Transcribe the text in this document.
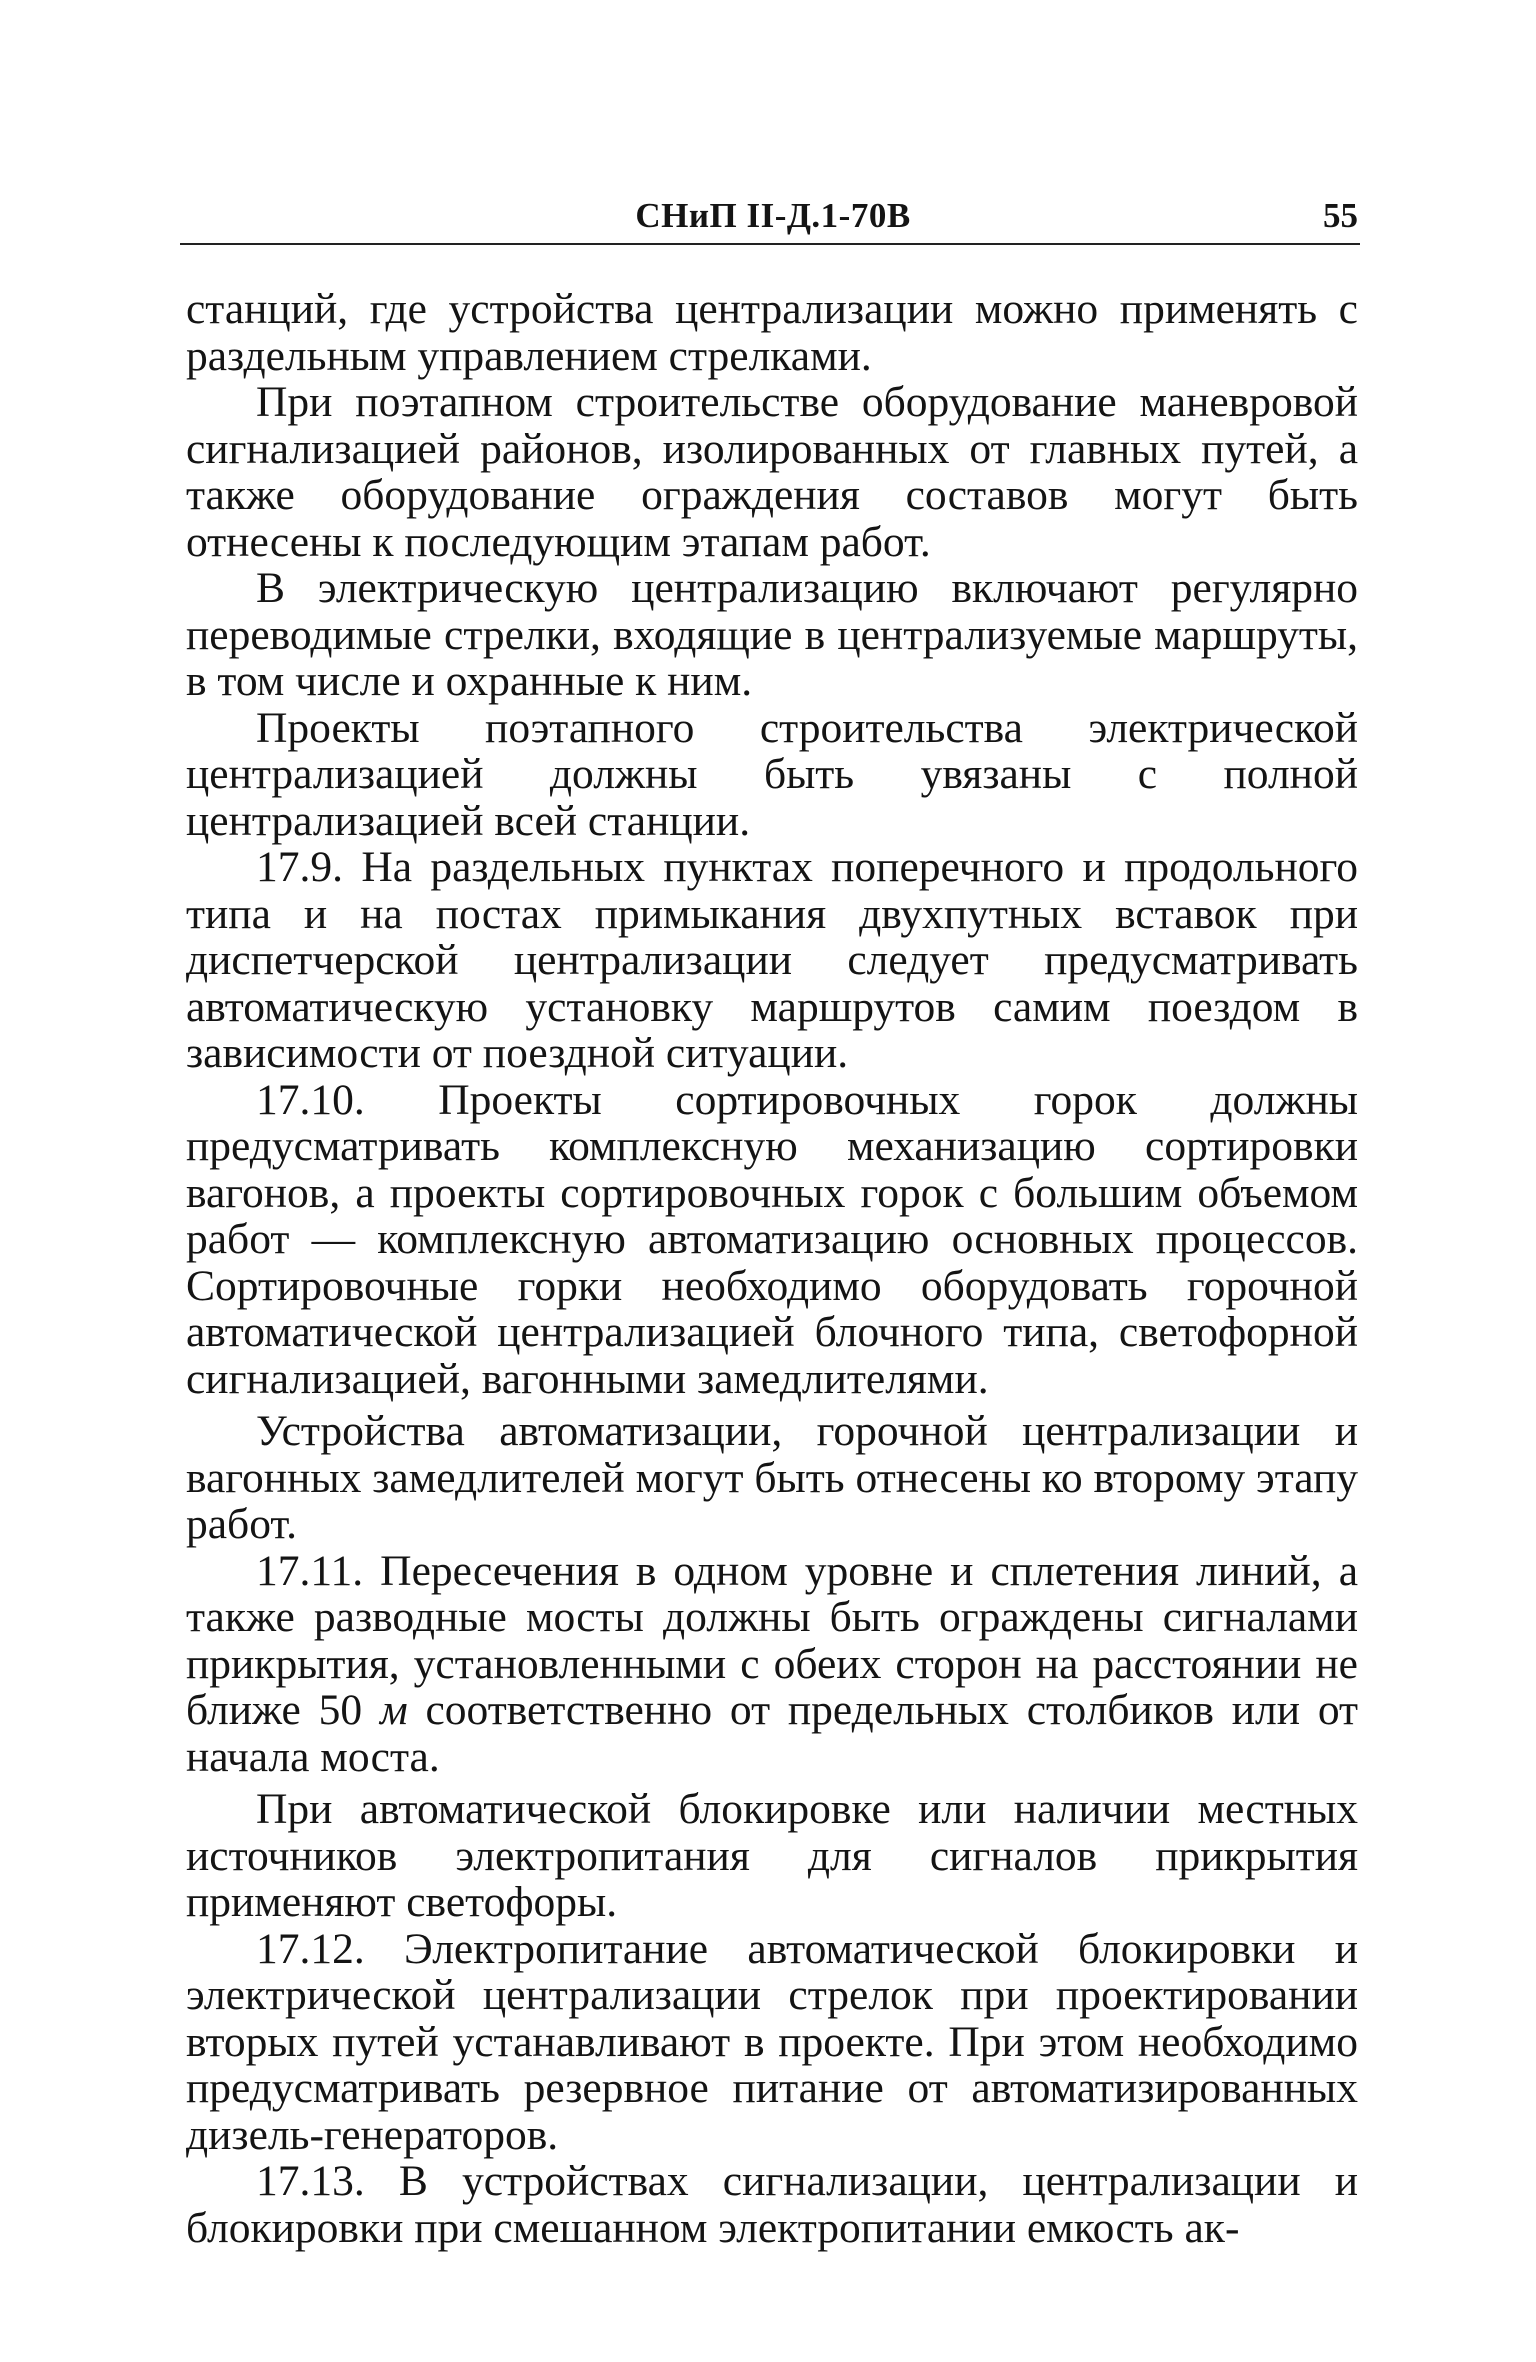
СНиП II-Д.1-70В	55

станций, где устройства централизации можно применять с раздельным управлением стрелками.

При поэтапном строительстве оборудование маневровой сигнализацией районов, изолированных от главных путей, а также оборудование ограждения составов могут быть отнесены к последующим этапам работ.

В электрическую централизацию включают регулярно переводимые стрелки, входящие в централизуемые маршруты, в том числе и охранные к ним.

Проекты поэтапного строительства электрической централизацией должны быть увязаны с полной централизацией всей станции.

17.9. На раздельных пунктах поперечного и продольного типа и на постах примыкания двухпутных вставок при диспетчерской централизации следует предусматривать автоматическую установку маршрутов самим поездом в зависимости от поездной ситуации.

17.10. Проекты сортировочных горок должны предусматривать комплексную механизацию сортировки вагонов, а проекты сортировочных горок с большим объемом работ — комплексную автоматизацию основных процессов. Сортировочные горки необходимо оборудовать горочной автоматической централизацией блочного типа, светофорной сигнализацией, вагонными замедлителями.

Устройства автоматизации, горочной централизации и вагонных замедлителей могут быть отнесены ко второму этапу работ.

17.11. Пересечения в одном уровне и сплетения линий, а также разводные мосты должны быть ограждены сигналами прикрытия, установленными с обеих сторон на расстоянии не ближе 50 м соответственно от предельных столбиков или от начала моста.

При автоматической блокировке или наличии местных источников электропитания для сигналов прикрытия применяют светофоры.

17.12. Электропитание автоматической блокировки и электрической централизации стрелок при проектировании вторых путей устанавливают в проекте. При этом необходимо предусматривать резервное питание от автоматизированных дизель-генераторов.

17.13. В устройствах сигнализации, централизации и блокировки при смешанном электропитании емкость ак-
